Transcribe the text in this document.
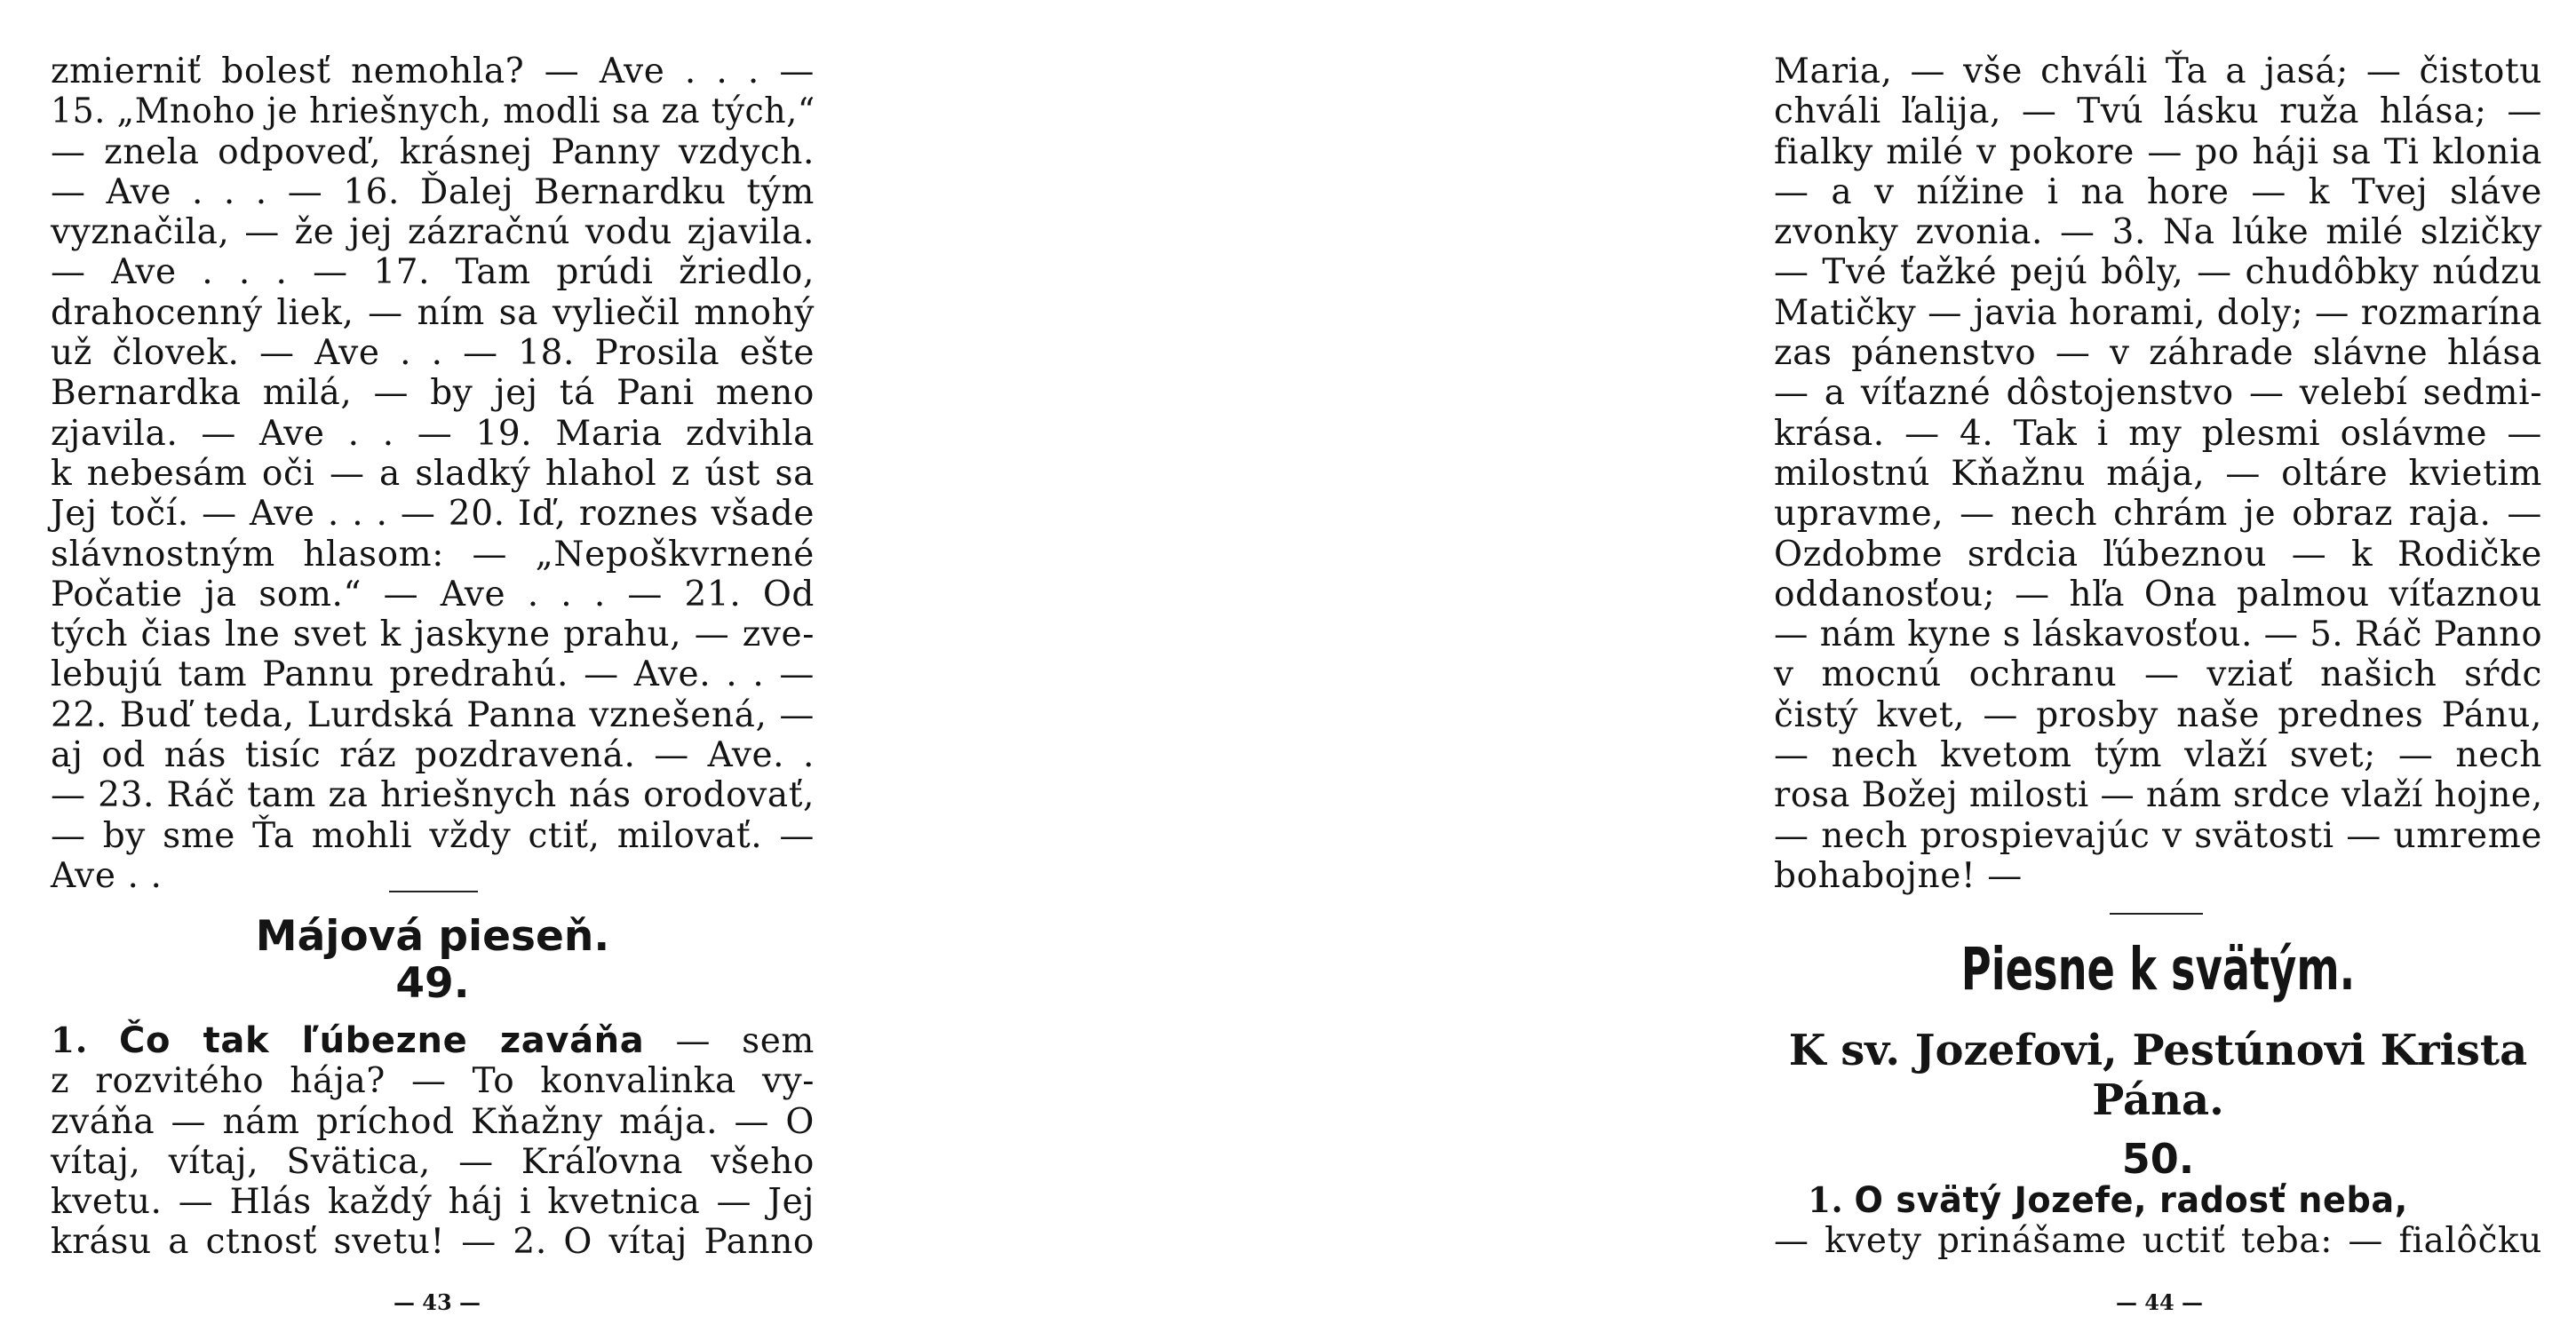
zmierniť bolesť nemohla? — Ave . . . —
15. „Mnoho je hriešnych, modli sa za tých,“
— znela odpoveď, krásnej Panny vzdych.
— Ave . . . — 16. Ďalej Bernardku tým
vyznačila, — že jej zázračnú vodu zjavila.
— Ave . . . — 17. Tam prúdi žriedlo,
drahocenný liek, — ním sa vyliečil mnohý
už človek. — Ave . . — 18. Prosila ešte
Bernardka milá, — by jej tá Pani meno
zjavila. — Ave . . — 19. Maria zdvihla
k nebesám oči — a sladký hlahol z úst sa
Jej točí. — Ave . . . — 20. Iď, roznes všade
slávnostným hlasom: — „Nepoškvrnené
Počatie ja som.“ — Ave . . . — 21. Od
tých čias lne svet k jaskyne prahu, — zve-
lebujú tam Pannu predrahú. — Ave. . . —
22. Buď teda, Lurdská Panna vznešená, —
aj od nás tisíc ráz pozdravená. — Ave. .
— 23. Ráč tam za hriešnych nás orodovať,
— by sme Ťa mohli vždy ctiť, milovať. —
Ave . .
Májová pieseň.
49.
1. Čo tak ľúbezne zaváňa — sem
z rozvitého hája? — To konvalinka vy-
zváňa — nám príchod Kňažny mája. — O
vítaj, vítaj, Svätica, — Kráľovna všeho
kvetu. — Hlás každý háj i kvetnica — Jej
krásu a ctnosť svetu! — 2. O vítaj Panno
— 43 —
Maria, — vše chváli Ťa a jasá; — čistotu
chváli ľalija, — Tvú lásku ruža hlása; —
fialky milé v pokore — po háji sa Ti klonia
— a v nížine i na hore — k Tvej sláve
zvonky zvonia. — 3. Na lúke milé slzičky
— Tvé ťažké pejú bôly, — chudôbky núdzu
Matičky — javia horami, doly; — rozmarína
zas pánenstvo — v záhrade slávne hlása
— a víťazné dôstojenstvo — velebí sedmi-
krása. — 4. Tak i my plesmi oslávme —
milostnú Kňažnu mája, — oltáre kvietim
upravme, — nech chrám je obraz raja. —
Ozdobme srdcia ľúbeznou — k Rodičke
oddanosťou; — hľa Ona palmou víťaznou
— nám kyne s láskavosťou. — 5. Ráč Panno
v mocnú ochranu — vziať našich sŕdc
čistý kvet, — prosby naše prednes Pánu,
— nech kvetom tým vlaží svet; — nech
rosa Božej milosti — nám srdce vlaží hojne,
— nech prospievajúc v svätosti — umreme
bohabojne! —
Piesne k svätým.
K sv. Jozefovi, Pestúnovi Krista Pána.
50.
1. O svätý Jozefe, radosť neba,
— kvety prinášame uctiť teba: — fialôčku
— 44 —
